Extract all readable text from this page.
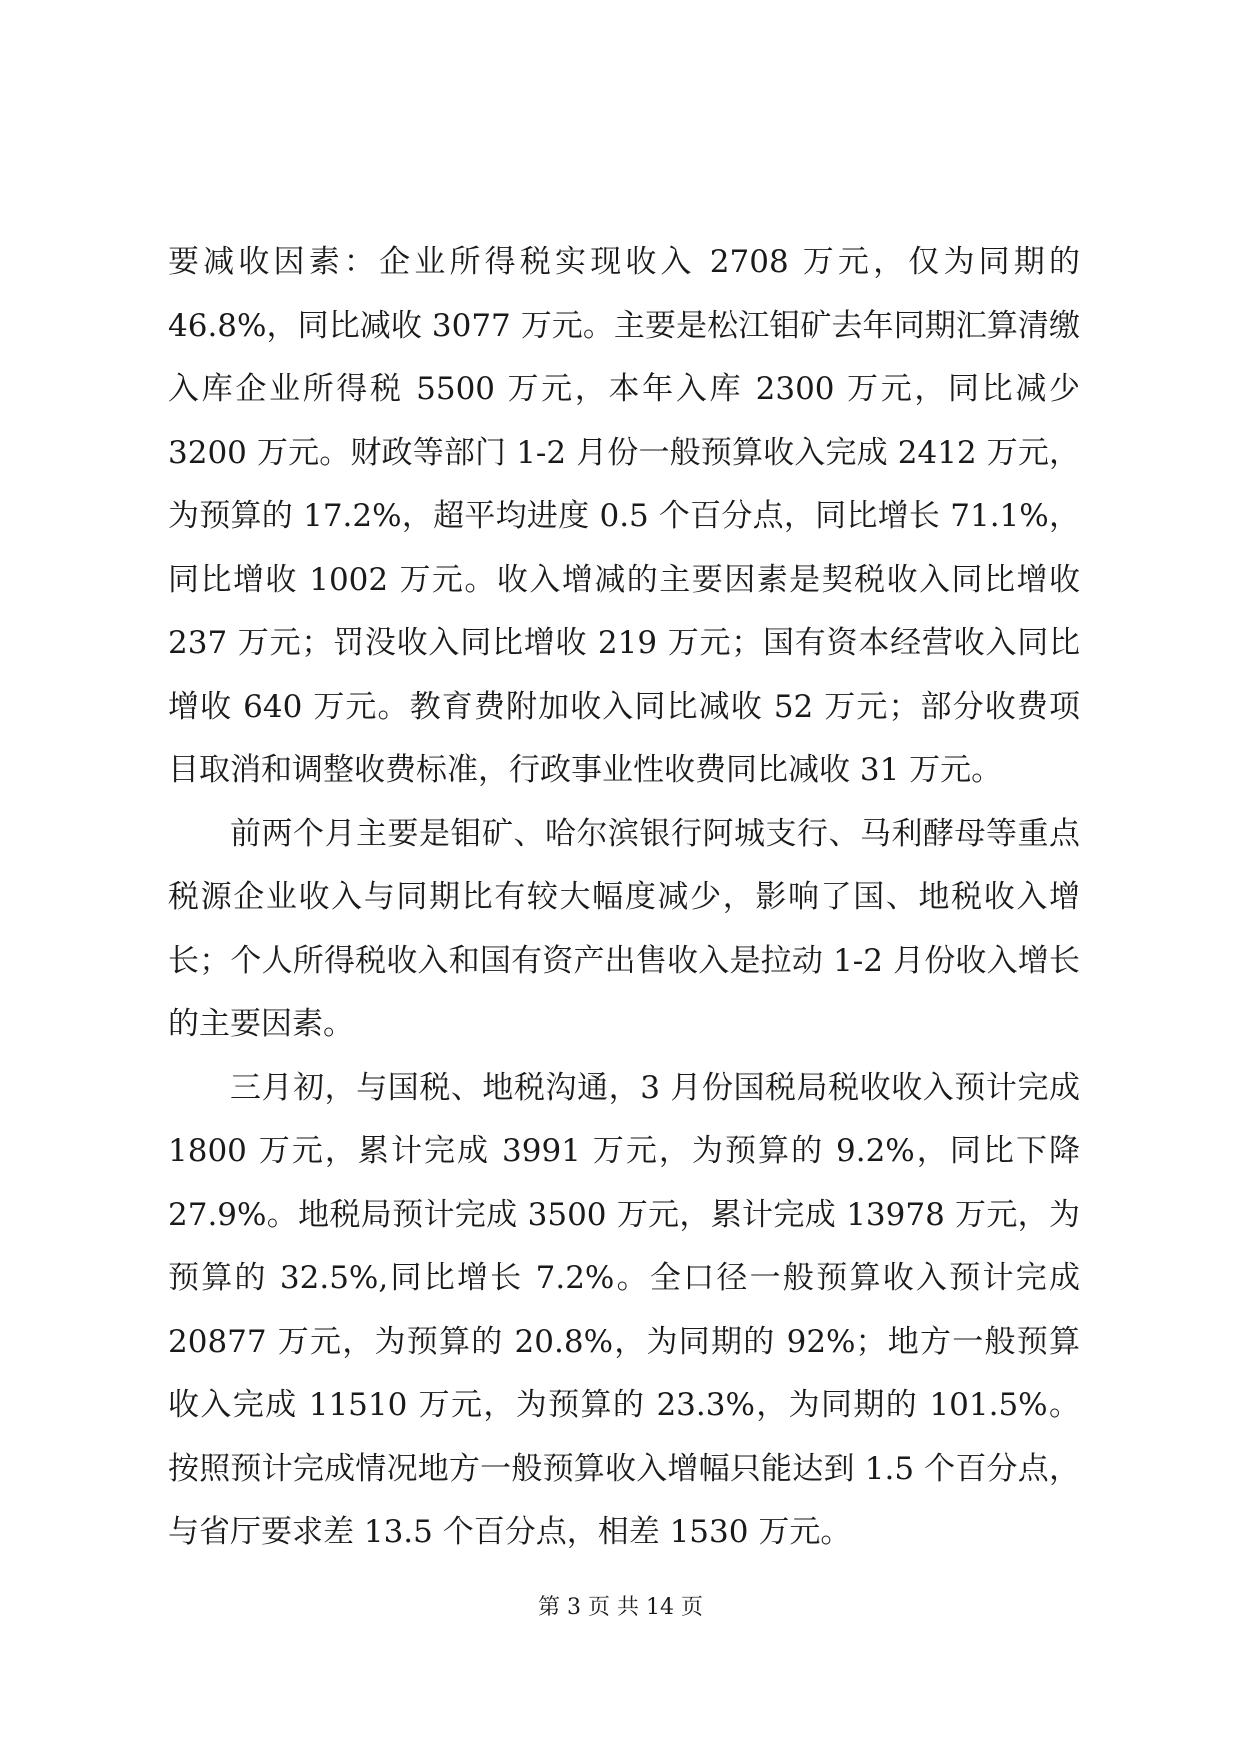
要减收因素：企业所得税实现收入 2708 万元，仅为同期的 46.8%，同比减收 3077 万元。主要是松江钼矿去年同期汇算清缴入库企业所得税 5500 万元，本年入库 2300 万元，同比减少 3200 万元。财政等部门 1-2 月份一般预算收入完成 2412 万元，为预算的 17.2%，超平均进度 0.5 个百分点，同比增长 71.1%，同比增收 1002 万元。收入增减的主要因素是契税收入同比增收 237 万元；罚没收入同比增收 219 万元；国有资本经营收入同比增收 640 万元。教育费附加收入同比减收 52 万元；部分收费项目取消和调整收费标准，行政事业性收费同比减收 31 万元。

前两个月主要是钼矿、哈尔滨银行阿城支行、马利酵母等重点税源企业收入与同期比有较大幅度减少，影响了国、地税收入增长；个人所得税收入和国有资产出售收入是拉动 1-2 月份收入增长的主要因素。

三月初，与国税、地税沟通，3 月份国税局税收收入预计完成 1800 万元，累计完成 3991 万元，为预算的 9.2%，同比下降 27.9%。地税局预计完成 3500 万元，累计完成 13978 万元，为预算的 32.5%,同比增长 7.2%。全口径一般预算收入预计完成 20877 万元，为预算的 20.8%，为同期的 92%；地方一般预算收入完成 11510 万元，为预算的 23.3%，为同期的 101.5%。按照预计完成情况地方一般预算收入增幅只能达到 1.5 个百分点，与省厅要求差 13.5 个百分点，相差 1530 万元。

第 3 页 共 14 页
